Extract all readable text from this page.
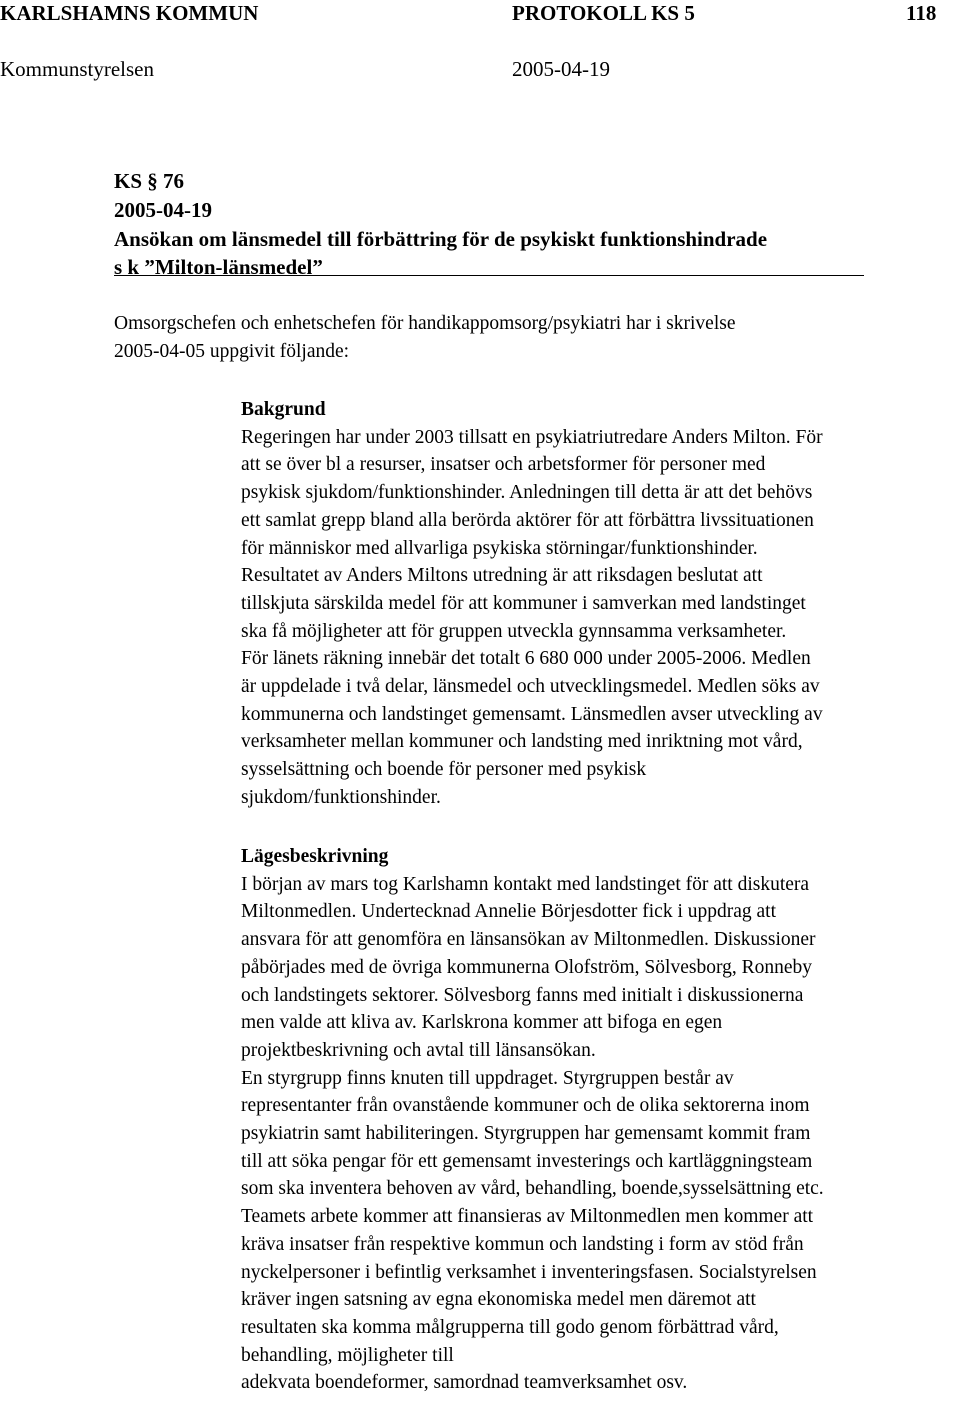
KARLSHAMNS KOMMUN	PROTOKOLL KS 5	118
Kommunstyrelsen	2005-04-19
KS § 76
2005-04-19
Ansökan om länsmedel till förbättring för de psykiskt funktionshindrade
s k ”Milton-länsmedel”
Omsorgschefen och enhetschefen för handikappomsorg/psykiatri har i skrivelse
2005-04-05 uppgivit följande:
Bakgrund
Regeringen har under 2003 tillsatt en psykiatriutredare Anders Milton. För
att se över bl a resurser, insatser och arbetsformer för personer med
psykisk sjukdom/funktionshinder. Anledningen till detta är att det behövs
ett samlat grepp bland alla berörda aktörer för att förbättra livssituationen
för människor med allvarliga psykiska störningar/funktionshinder.
Resultatet av Anders Miltons utredning är att riksdagen beslutat att
tillskjuta särskilda medel för att kommuner i samverkan med landstinget
ska få möjligheter att för gruppen utveckla gynnsamma verksamheter.
För länets räkning innebär det totalt 6 680 000 under 2005-2006. Medlen
är uppdelade i två delar, länsmedel och utvecklingsmedel. Medlen söks av
kommunerna och landstinget gemensamt. Länsmedlen avser utveckling av
verksamheter mellan kommuner och landsting med inriktning mot vård,
sysselsättning och boende för personer med psykisk
sjukdom/funktionshinder.
Lägesbeskrivning
I början av mars tog Karlshamn kontakt med landstinget för att diskutera
Miltonmedlen. Undertecknad Annelie Börjesdotter fick i uppdrag att
ansvara för att genomföra en länsansökan av Miltonmedlen. Diskussioner
påbörjades med de övriga kommunerna Olofström, Sölvesborg, Ronneby
och landstingets sektorer. Sölvesborg fanns med initialt i diskussionerna
men valde att kliva av. Karlskrona kommer att bifoga en egen
projektbeskrivning och avtal till länsansökan.
En styrgrupp finns knuten till uppdraget. Styrgruppen består av
representanter från ovanstående kommuner och de olika sektorerna inom
psykiatrin samt habiliteringen. Styrgruppen har gemensamt kommit fram
till att söka pengar för ett gemensamt investerings och kartläggningsteam
som ska inventera behoven av vård, behandling, boende,sysselsättning etc.
Teamets arbete kommer att finansieras av Miltonmedlen men kommer att
kräva insatser från respektive kommun och landsting i form av stöd från
nyckelpersoner i befintlig verksamhet i inventeringsfasen. Socialstyrelsen
kräver ingen satsning av egna ekonomiska medel men däremot att
resultaten ska komma målgrupperna till godo genom förbättrad vård,
behandling, möjligheter till
adekvata boendeformer, samordnad teamverksamhet osv.
